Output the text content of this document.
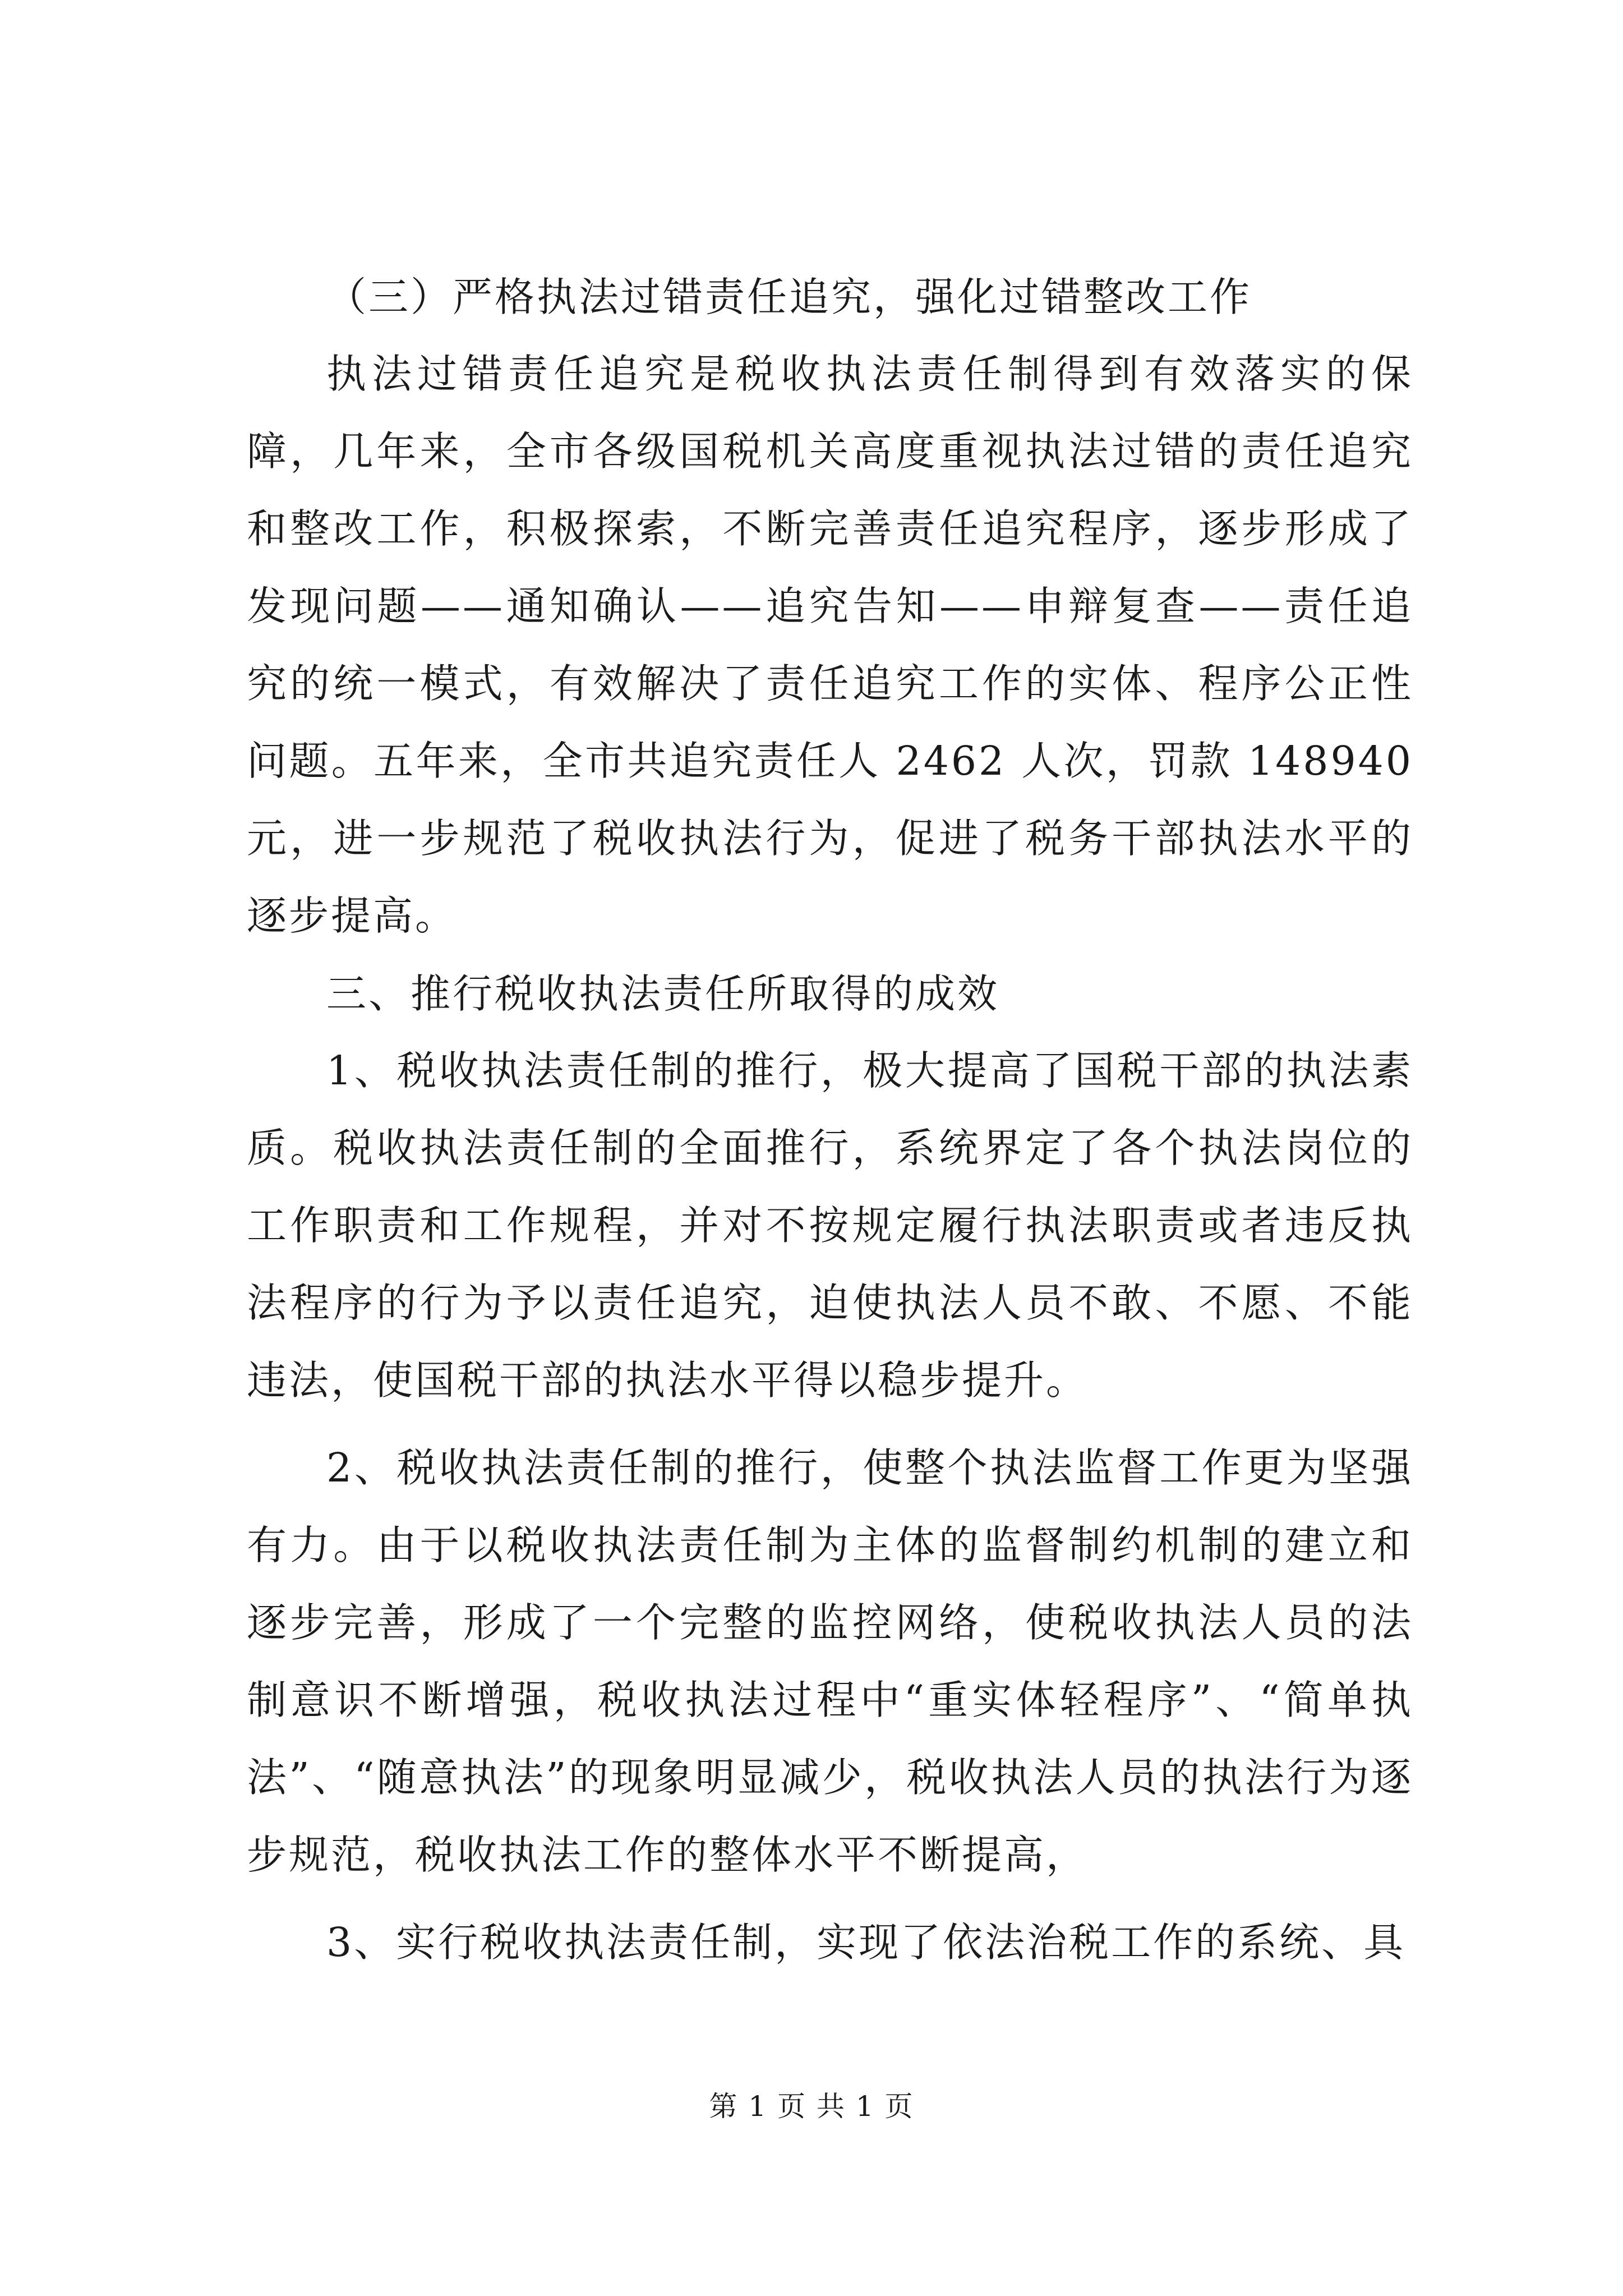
（三）严格执法过错责任追究，强化过错整改工作

执法过错责任追究是税收执法责任制得到有效落实的保障，几年来，全市各级国税机关高度重视执法过错的责任追究和整改工作，积极探索，不断完善责任追究程序，逐步形成了发现问题——通知确认——追究告知——申辩复查——责任追究的统一模式，有效解决了责任追究工作的实体、程序公正性问题。五年来，全市共追究责任人 2462 人次，罚款 148940 元，进一步规范了税收执法行为，促进了税务干部执法水平的逐步提高。

三、推行税收执法责任所取得的成效

1、税收执法责任制的推行，极大提高了国税干部的执法素质。税收执法责任制的全面推行，系统界定了各个执法岗位的工作职责和工作规程，并对不按规定履行执法职责或者违反执法程序的行为予以责任追究，迫使执法人员不敢、不愿、不能违法，使国税干部的执法水平得以稳步提升。

2、税收执法责任制的推行，使整个执法监督工作更为坚强有力。由于以税收执法责任制为主体的监督制约机制的建立和逐步完善，形成了一个完整的监控网络，使税收执法人员的法制意识不断增强，税收执法过程中“重实体轻程序”、“简单执法”、“随意执法”的现象明显减少，税收执法人员的执法行为逐步规范，税收执法工作的整体水平不断提高，

3、实行税收执法责任制，实现了依法治税工作的系统、具

第 1 页 共 1 页
